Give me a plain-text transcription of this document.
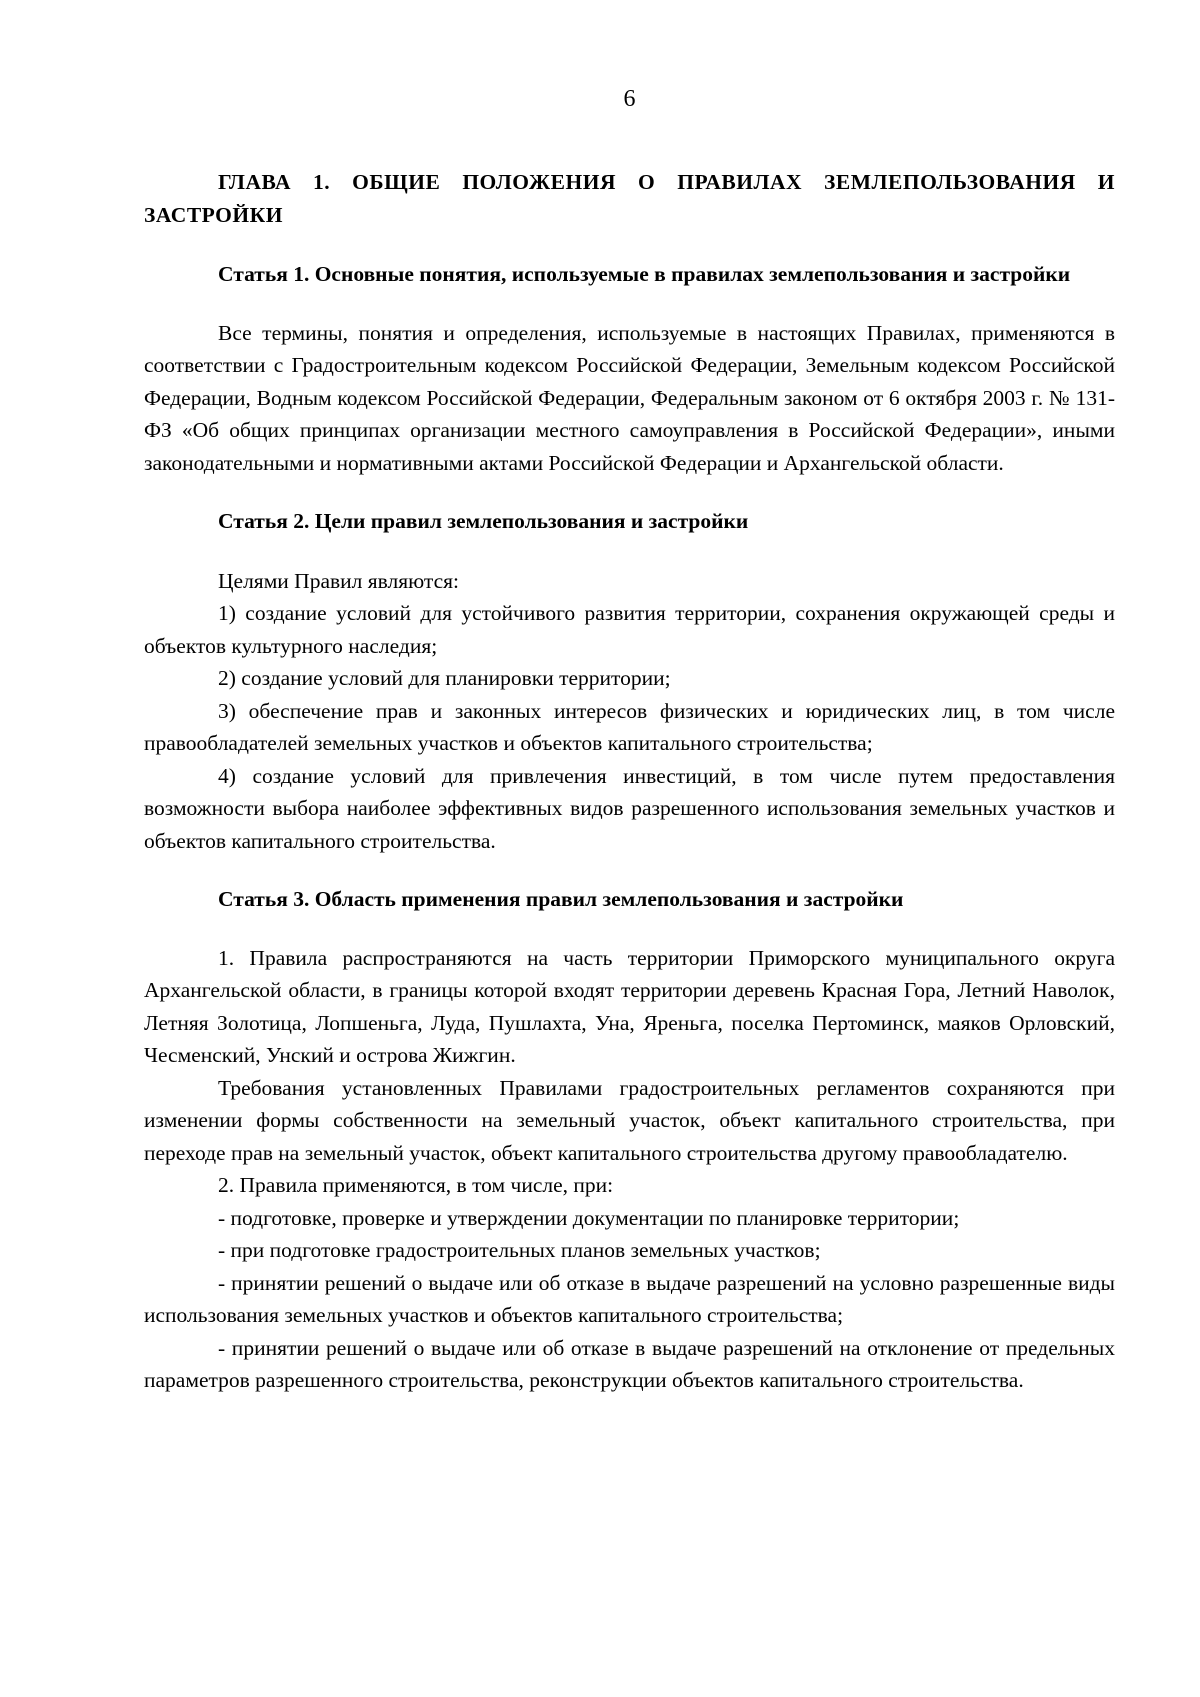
6

ГЛАВА 1. ОБЩИЕ ПОЛОЖЕНИЯ О ПРАВИЛАХ ЗЕМЛЕПОЛЬЗОВАНИЯ И ЗАСТРОЙКИ

Статья 1. Основные понятия, используемые в правилах землепользования и застройки

Все термины, понятия и определения, используемые в настоящих Правилах, применяются в соответствии с Градостроительным кодексом Российской Федерации, Земельным кодексом Российской Федерации, Водным кодексом Российской Федерации, Федеральным законом от 6 октября 2003 г. № 131-ФЗ «Об общих принципах организации местного самоуправления в Российской Федерации», иными законодательными и нормативными актами Российской Федерации и Архангельской области.

Статья 2. Цели правил землепользования и застройки

Целями Правил являются:

1) создание условий для устойчивого развития территории, сохранения окружающей среды и объектов культурного наследия;

2) создание условий для планировки территории;

3) обеспечение прав и законных интересов физических и юридических лиц, в том числе правообладателей земельных участков и объектов капитального строительства;

4) создание условий для привлечения инвестиций, в том числе путем предоставления возможности выбора наиболее эффективных видов разрешенного использования земельных участков и объектов капитального строительства.

Статья 3. Область применения правил землепользования и застройки

1. Правила распространяются на часть территории Приморского муниципального округа Архангельской области, в границы которой входят территории деревень Красная Гора, Летний Наволок, Летняя Золотица, Лопшеньга, Луда, Пушлахта, Уна, Яреньга, поселка Пертоминск, маяков Орловский, Чесменский, Унский и острова Жижгин.

Требования установленных Правилами градостроительных регламентов сохраняются при изменении формы собственности на земельный участок, объект капитального строительства, при переходе прав на земельный участок, объект капитального строительства другому правообладателю.

2. Правила применяются, в том числе, при:

- подготовке, проверке и утверждении документации по планировке территории;

- при подготовке градостроительных планов земельных участков;

- принятии решений о выдаче или об отказе в выдаче разрешений на условно разрешенные виды использования земельных участков и объектов капитального строительства;

- принятии решений о выдаче или об отказе в выдаче разрешений на отклонение от предельных параметров разрешенного строительства, реконструкции объектов капитального строительства.
